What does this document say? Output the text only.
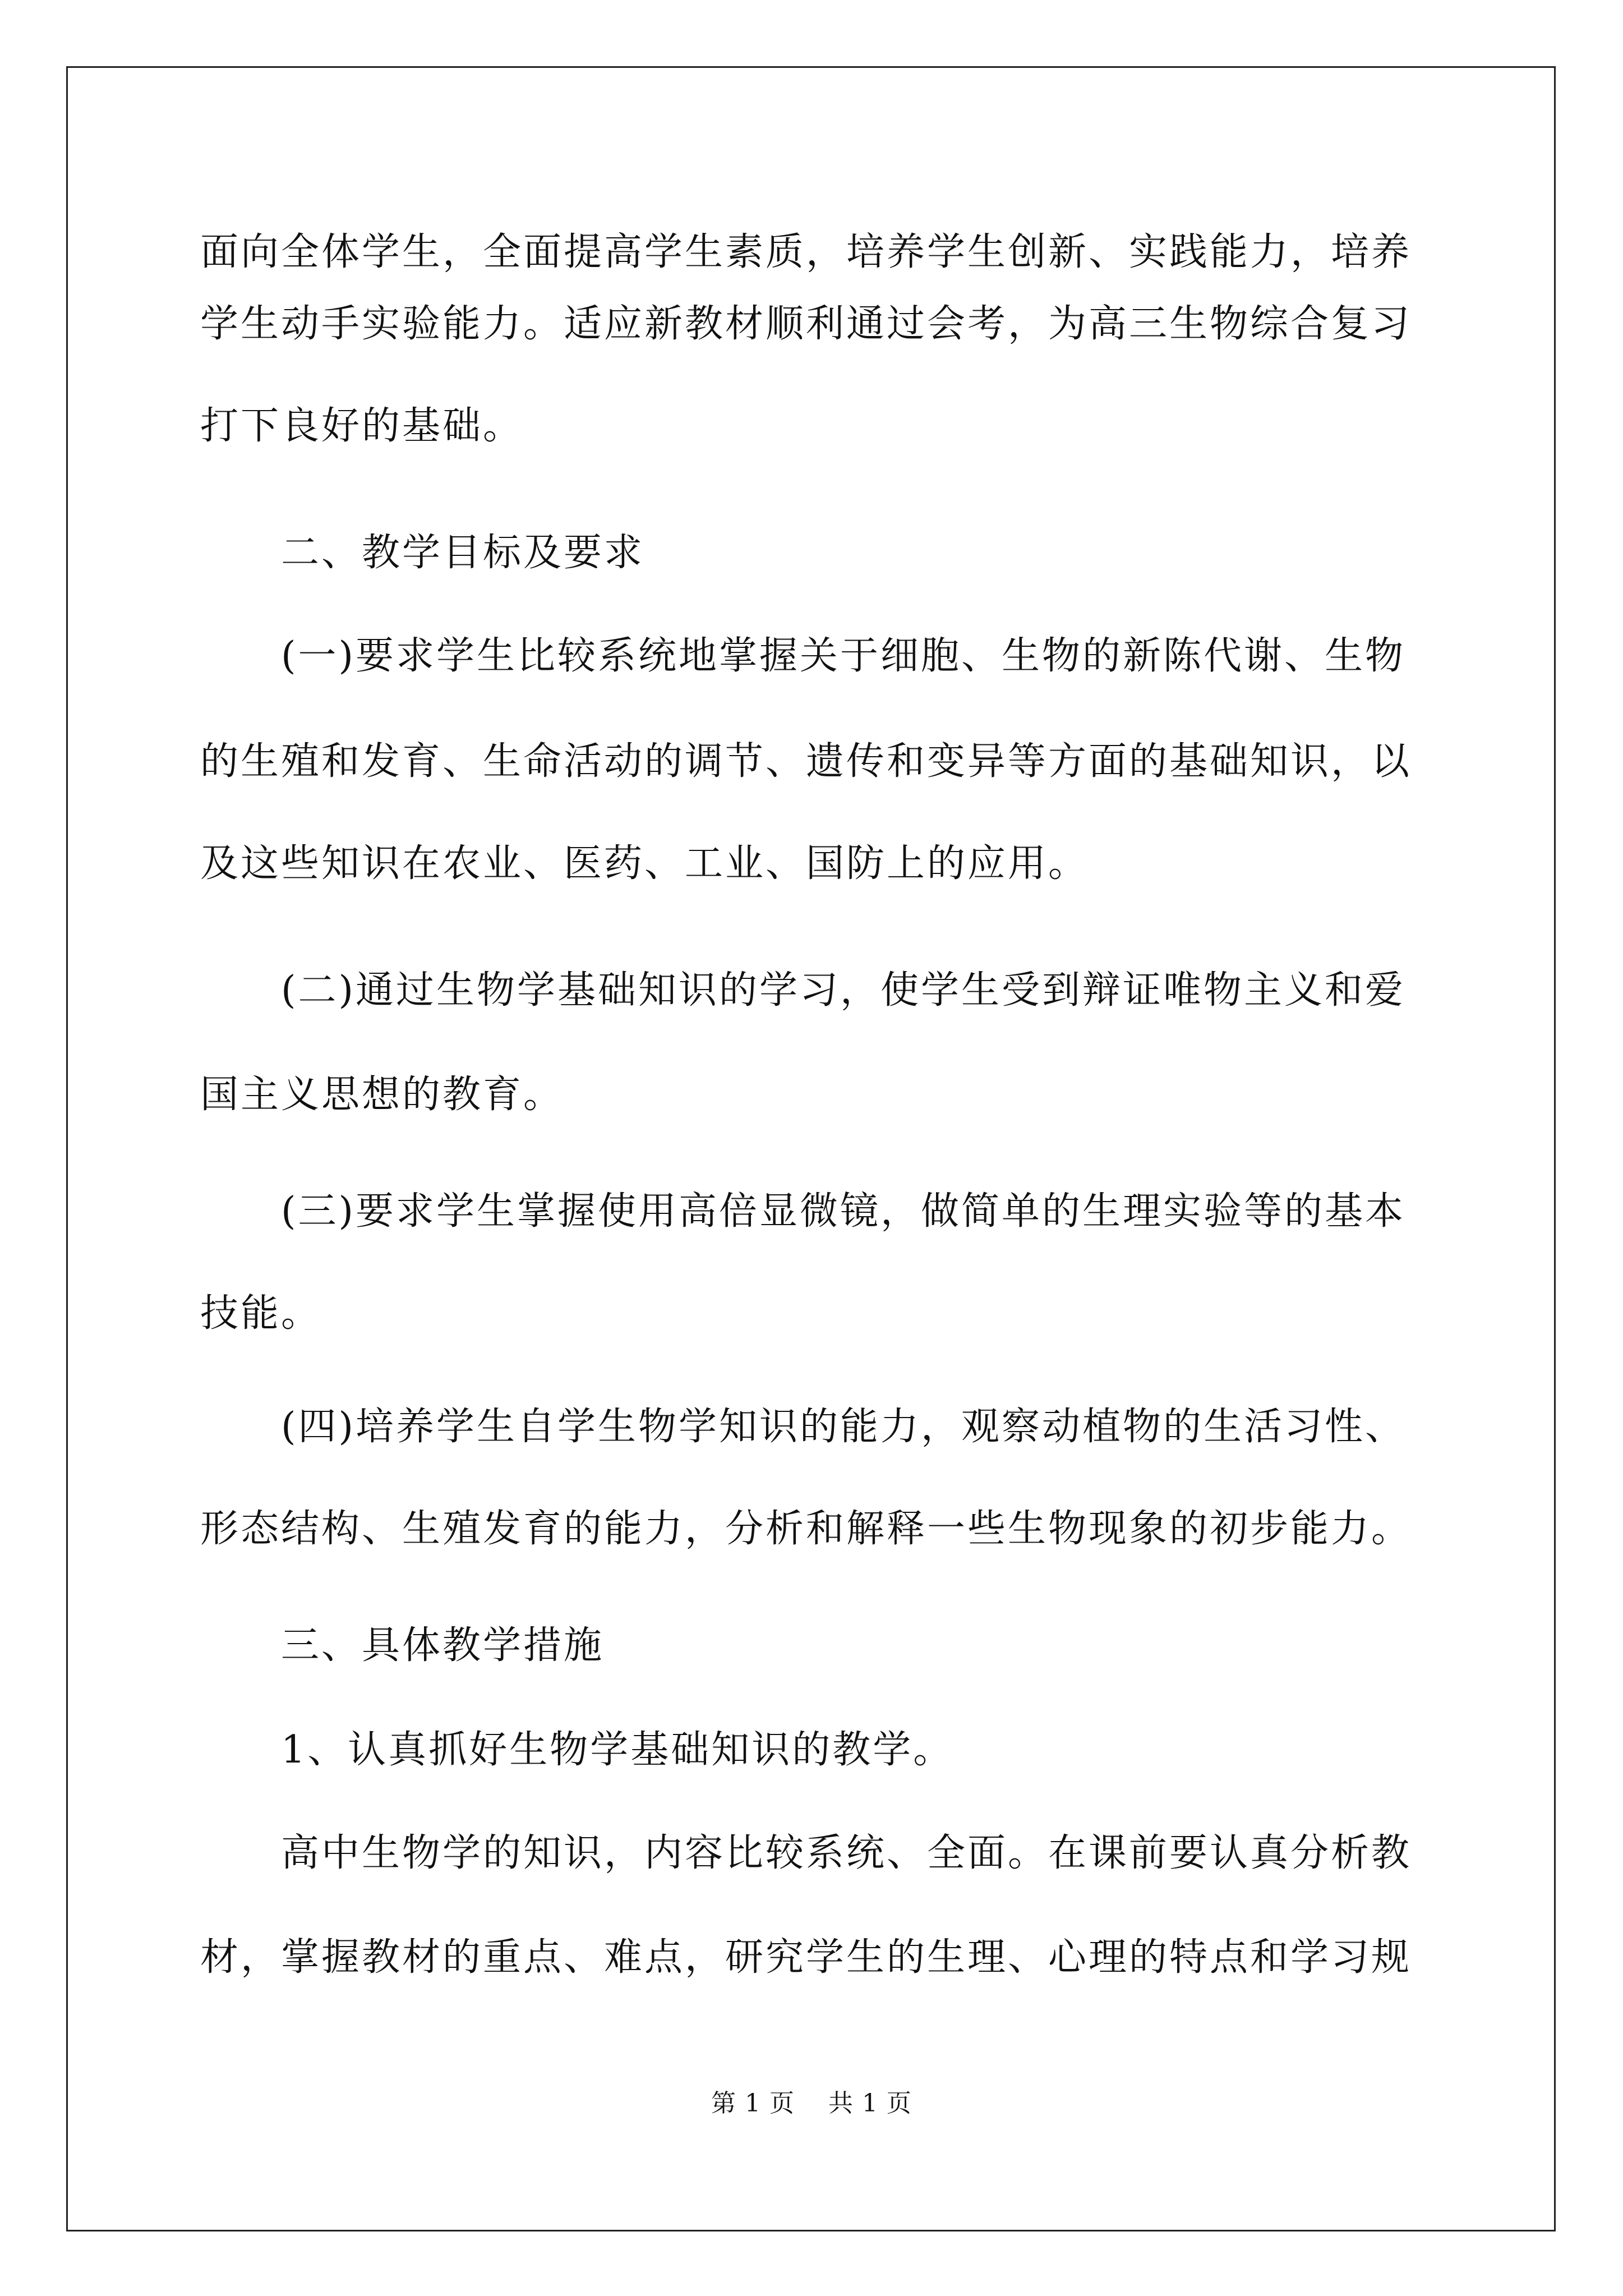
面向全体学生，全面提高学生素质，培养学生创新、实践能力，培养
学生动手实验能力。适应新教材顺利通过会考，为高三生物综合复习
打下良好的基础。
二、教学目标及要求
(一)要求学生比较系统地掌握关于细胞、生物的新陈代谢、生物
的生殖和发育、生命活动的调节、遗传和变异等方面的基础知识，以
及这些知识在农业、医药、工业、国防上的应用。
(二)通过生物学基础知识的学习，使学生受到辩证唯物主义和爱
国主义思想的教育。
(三)要求学生掌握使用高倍显微镜，做简单的生理实验等的基本
技能。
(四)培养学生自学生物学知识的能力，观察动植物的生活习性、
形态结构、生殖发育的能力，分析和解释一些生物现象的初步能力。
三、具体教学措施
1、认真抓好生物学基础知识的教学。
高中生物学的知识，内容比较系统、全面。在课前要认真分析教
材，掌握教材的重点、难点，研究学生的生理、心理的特点和学习规
第 1 页    共 1 页
